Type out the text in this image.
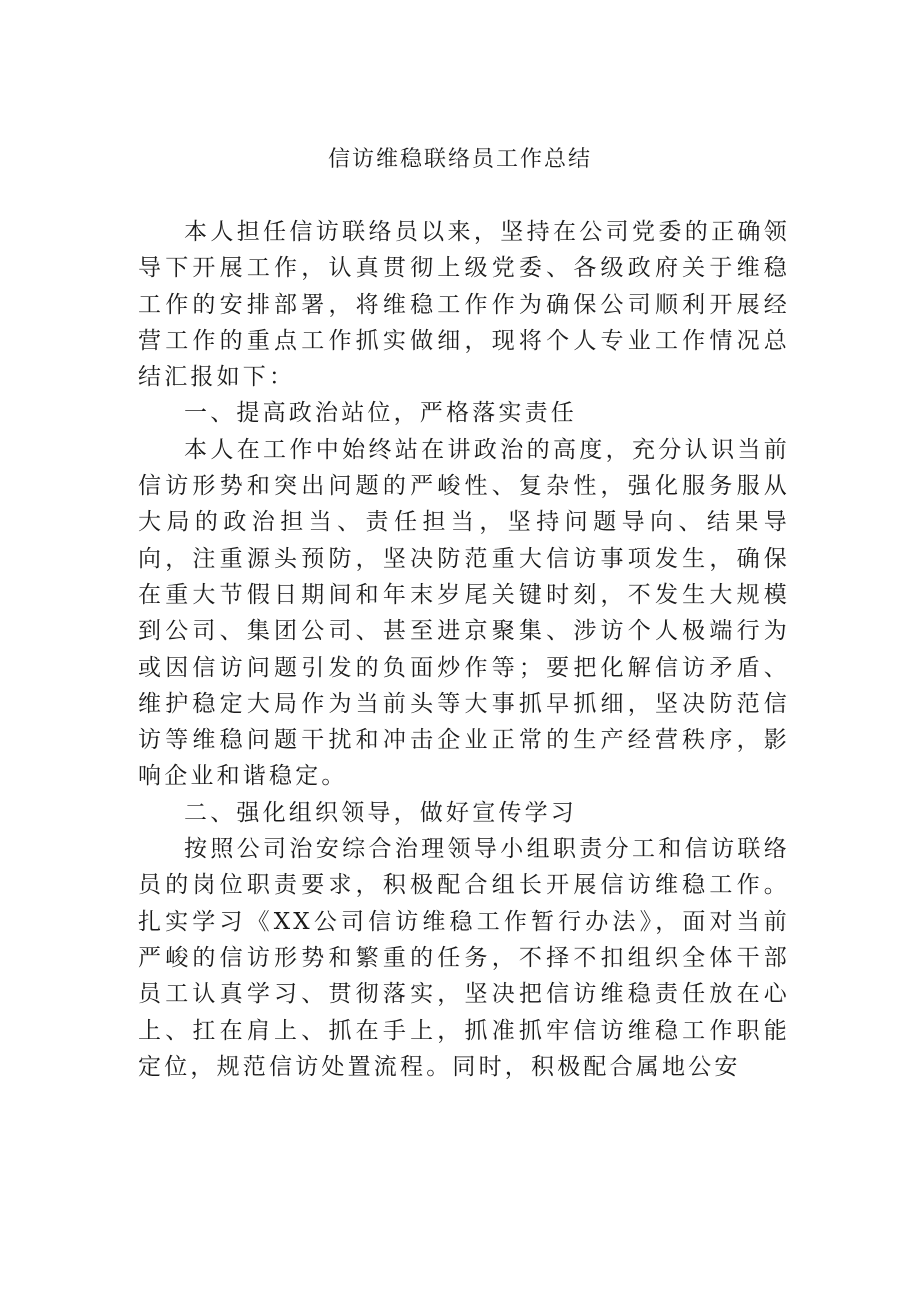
信访维稳联络员工作总结

本人担任信访联络员以来，坚持在公司党委的正确领导下开展工作，认真贯彻上级党委、各级政府关于维稳工作的安排部署，将维稳工作作为确保公司顺利开展经营工作的重点工作抓实做细，现将个人专业工作情况总结汇报如下：

一、提高政治站位，严格落实责任

本人在工作中始终站在讲政治的高度，充分认识当前信访形势和突出问题的严峻性、复杂性，强化服务服从大局的政治担当、责任担当，坚持问题导向、结果导向，注重源头预防，坚决防范重大信访事项发生，确保在重大节假日期间和年末岁尾关键时刻，不发生大规模到公司、集团公司、甚至进京聚集、涉访个人极端行为或因信访问题引发的负面炒作等；要把化解信访矛盾、维护稳定大局作为当前头等大事抓早抓细，坚决防范信访等维稳问题干扰和冲击企业正常的生产经营秩序，影响企业和谐稳定。

二、强化组织领导，做好宣传学习

按照公司治安综合治理领导小组职责分工和信访联络员的岗位职责要求，积极配合组长开展信访维稳工作。扎实学习《XX公司信访维稳工作暂行办法》，面对当前严峻的信访形势和繁重的任务，不择不扣组织全体干部员工认真学习、贯彻落实，坚决把信访维稳责任放在心上、扛在肩上、抓在手上，抓准抓牢信访维稳工作职能定位，规范信访处置流程。同时，积极配合属地公安
